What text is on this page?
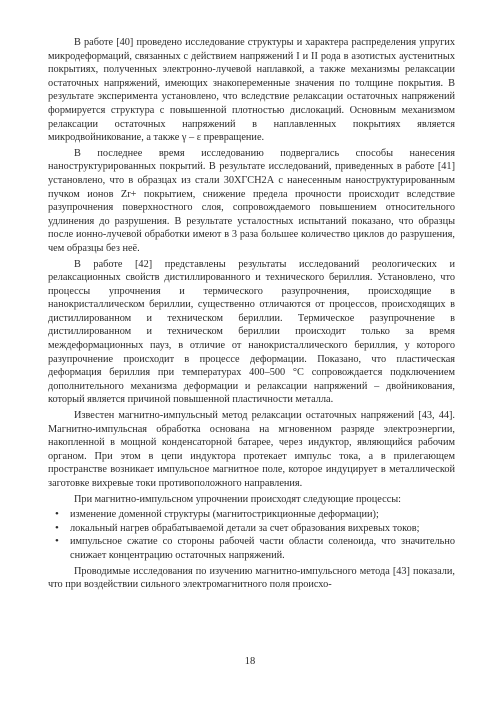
В работе [40] проведено исследование структуры и характера распределения упругих микродеформаций, связанных с действием напряжений I и II рода в азотистых аустенитных покрытиях, полученных электронно-лучевой наплавкой, а также механизмы релаксации остаточных напряжений, имеющих знакопеременные значения по толщине покрытия. В результате эксперимента установлено, что вследствие релаксации остаточных напряжений формируется структура с повышенной плотностью дислокаций. Основным механизмом релаксации остаточных напряжений в наплавленных покрытиях является микродвойникование, а также γ – ε превращение.

В последнее время исследованию подвергались способы нанесения наноструктурированных покрытий. В результате исследований, приведенных в работе [41] установлено, что в образцах из стали 30ХГСН2А с нанесенным наноструктурированным пучком ионов Zr+ покрытием, снижение предела прочности происходит вследствие разупрочнения поверхностного слоя, сопровождаемого повышением относительного удлинения до разрушения. В результате усталостных испытаний показано, что образцы после ионно-лучевой обработки имеют в 3 раза большее количество циклов до разрушения, чем образцы без неё.

В работе [42] представлены результаты исследований реологических и релаксационных свойств дистиллированного и технического бериллия. Установлено, что процессы упрочнения и термического разупрочнения, происходящие в нанокристаллическом бериллии, существенно отличаются от процессов, происходящих в дистиллированном и техническом бериллии. Термическое разупрочнение в дистиллированном и техническом бериллии происходит только за время междеформационных пауз, в отличие от нанокристаллического бериллия, у которого разупрочнение происходит в процессе деформации. Показано, что пластическая деформация бериллия при температурах 400–500 °С сопровождается подключением дополнительного механизма деформации и релаксации напряжений – двойникования, который является причиной повышенной пластичности металла.

Известен магнитно-импульсный метод релаксации остаточных напряжений [43, 44]. Магнитно-импульсная обработка основана на мгновенном разряде электроэнергии, накопленной в мощной конденсаторной батарее, через индуктор, являющийся рабочим органом. При этом в цепи индуктора протекает импульс тока, а в прилегающем пространстве возникает импульсное магнитное поле, которое индуцирует в металлической заготовке вихревые токи противоположного направления.

При магнитно-импульсном упрочнении происходят следующие процессы:

• изменение доменной структуры (магнитострикционные деформации);
• локальный нагрев обрабатываемой детали за счет образования вихревых токов;
• импульсное сжатие со стороны рабочей части области соленоида, что значительно снижает концентрацию остаточных напряжений.

Проводимые исследования по изучению магнитно-импульсного метода [43] показали, что при воздействии сильного электромагнитного поля происхо-

18
